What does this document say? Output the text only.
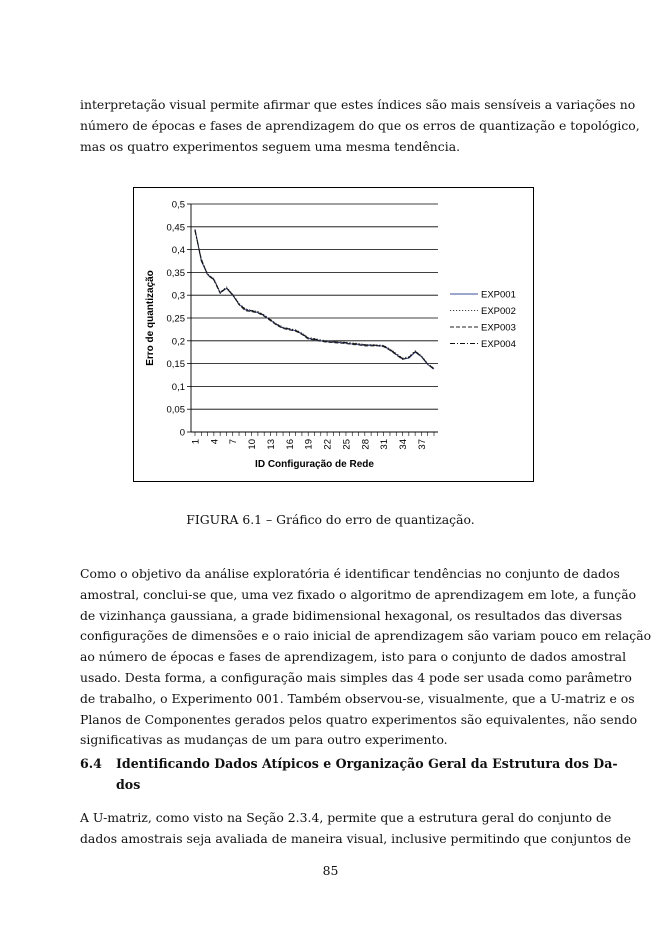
interpretação visual permite afirmar que estes índices são mais sensíveis a variações no
número de épocas e fases de aprendizagem do que os erros de quantização e topológico,
mas os quatro experimentos seguem uma mesma tendência.
0
0,05
0,1
0,15
0,2
0,25
0,3
0,35
0,4
0,45
0,5
1 4 7 10 13 16 19 22 25 28 31 34 37
ID Configuração de Rede
Erro de quantização	EXP001
EXP002
EXP003
EXP004
FIGURA 6.1 – Gráfico do erro de quantização.
Como o objetivo da análise exploratória é identificar tendências no conjunto de dados
amostral, conclui-se que, uma vez fixado o algoritmo de aprendizagem em lote, a função
de vizinhança gaussiana, a grade bidimensional hexagonal, os resultados das diversas
configurações de dimensões e o raio inicial de aprendizagem são variam pouco em relação
ao número de épocas e fases de aprendizagem, isto para o conjunto de dados amostral
usado. Desta forma, a configuração mais simples das 4 pode ser usada como parâmetro
de trabalho, o Experimento 001. Também observou-se, visualmente, que a U-matriz e os
Planos de Componentes gerados pelos quatro experimentos são equivalentes, não sendo
significativas as mudanças de um para outro experimento.
6.4 Identificando Dados Atípicos e Organização Geral da Estrutura dos Da-
dos
A U-matriz, como visto na Seção 2.3.4, permite que a estrutura geral do conjunto de
dados amostrais seja avaliada de maneira visual, inclusive permitindo que conjuntos de
85
